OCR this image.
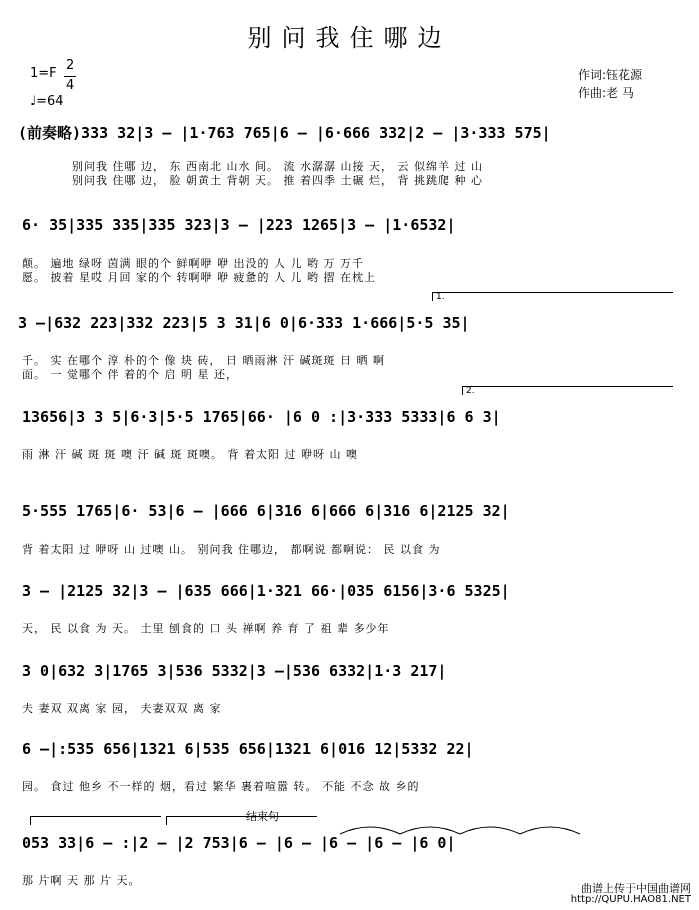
别问我住哪边
1=F
2
4
♩=64
作词:钰花源
作曲:老 马
(前奏略)333 32|3 — |1·763 765|6 — |6·666 332|2 — |3·333 575|
别问我 住哪 边， 东 西南北 山水 间。 流 水潺潺 山接 天， 云 似绵羊 过 山
别问我 住哪 边， 脸 朝黄土 背朝 天。 推 着四季 土碾 烂， 背 挑跳爬 种 心
6· 35|335 335|335 323|3 — |223 1265|3 — |1·6532|
颠。 遍地 绿呀 茵满 眼的个 鲜啊咿 咿 出没的 人 儿 哟 万 万千
愿。 披着 星哎 月回 家的个 转啊咿 咿 疲惫的 人 儿 哟 摺 在枕上
1.
3 —|632 223|332 223|5 3 31|6 0|6·333 1·666|5·5 35|
千。 实 在哪个 淳 朴的个 像 块 砖， 日 晒雨淋 汗 碱斑斑 日 晒 啊
面。 一 觉哪个 伴 着的个 启 明 星 还，
2.
13656|3 3 5|6·3|5·5 1765|66· |6 0 :|3·333 5333|6 6 3|
雨 淋 汗 碱 斑 斑 噢 汗 碱 斑 斑噢。 背 着太阳 过 咿呀 山 噢
5·555 1765|6· 53|6 — |666 6|316 6|666 6|316 6|2125 32|
背 着太阳 过 咿呀 山 过噢 山。 别问我 住哪边， 都啊说 都啊说： 民 以食 为
3 — |2125 32|3 — |635 666|1·321 66·|035 6156|3·6 5325|
天， 民 以食 为 天。 土里 刨食的 口 头 禅啊 养 育 了 祖 辈 多少年
3 0|632 3|1765 3|536 5332|3 —|536 6332|1·3 217|
夫 妻双 双离 家 园， 夫妻双双 离 家
6 —|:535 656|1321 6|535 656|1321 6|016 12|5332 22|
园。 食过 他乡 不一样的 烟，看过 繁华 裹着喧嚣 转。 不能 不念 故 乡的
结束句
053 33|6 — :|2 — |2 753|6 — |6 — |6 — |6 — |6 0|
那 片啊 天 那 片 天。
曲谱上传于中国曲谱网
http://QUPU.HAO81.NET
